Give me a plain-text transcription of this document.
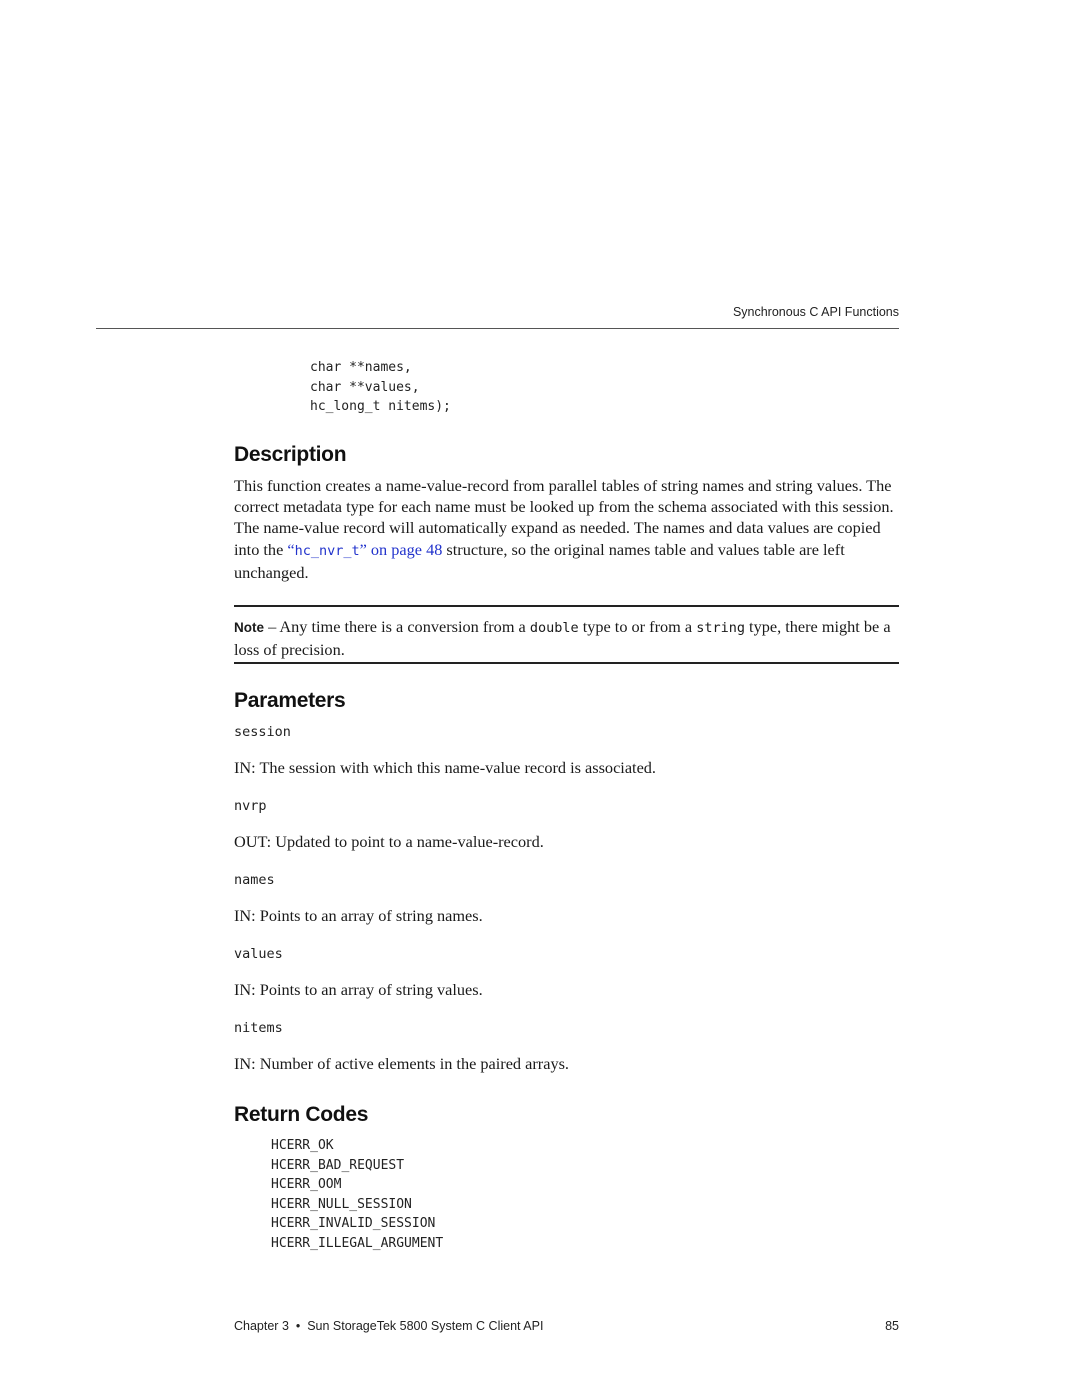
Synchronous C API Functions
char **names,
char **values,
hc_long_t nitems);
Description

This function creates a name-value-record from parallel tables of string names and string values. The correct metadata type for each name must be looked up from the schema associated with this session. The name-value record will automatically expand as needed. The names and data values are copied into the “hc_nvr_t” on page 48 structure, so the original names table and values table are left unchanged.

Note – Any time there is a conversion from a double type to or from a string type, there might be a loss of precision.

Parameters
session
IN: The session with which this name-value record is associated.
nvrp
OUT: Updated to point to a name-value-record.
names
IN: Points to an array of string names.
values
IN: Points to an array of string values.
nitems
IN: Number of active elements in the paired arrays.
Return Codes
HCERR_OK
HCERR_BAD_REQUEST
HCERR_OOM
HCERR_NULL_SESSION
HCERR_INVALID_SESSION
HCERR_ILLEGAL_ARGUMENT
Chapter 3 • Sun StorageTek 5800 System C Client API	85
